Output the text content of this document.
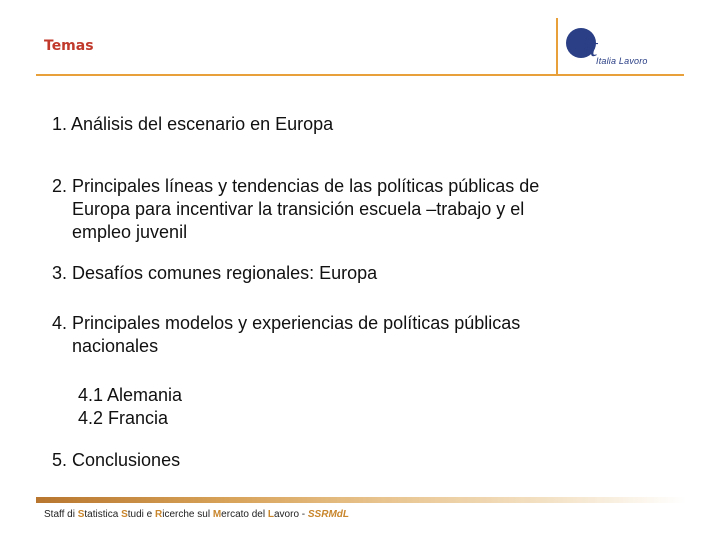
Temas	it
Italia Lavoro
1. Análisis del escenario en Europa
2. Principales líneas y tendencias de las políticas públicas de
Europa para incentivar la transición escuela –trabajo y el
empleo juvenil
3. Desafíos comunes regionales: Europa
4. Principales modelos y experiencias de políticas públicas
nacionales
4.1 Alemania
4.2 Francia
5. Conclusiones
Staff di Statistica Studi e Ricerche sul Mercato del Lavoro - SSRMdL
